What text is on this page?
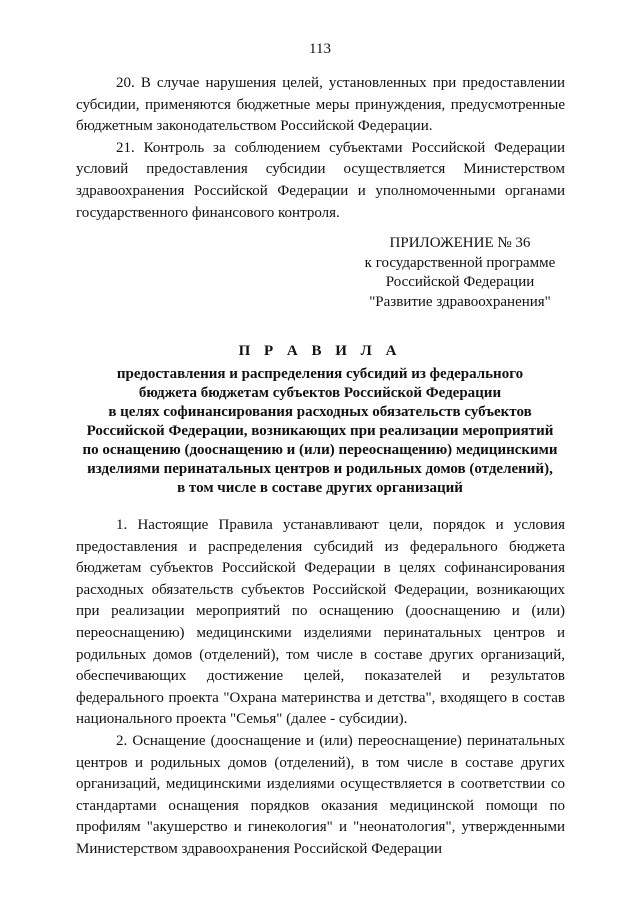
113

20. В случае нарушения целей, установленных при предоставлении субсидии, применяются бюджетные меры принуждения, предусмотренные бюджетным законодательством Российской Федерации.

21. Контроль за соблюдением субъектами Российской Федерации условий предоставления субсидии осуществляется Министерством здравоохранения Российской Федерации и уполномоченными органами государственного финансового контроля.

ПРИЛОЖЕНИЕ № 36
к государственной программе
Российской Федерации
"Развитие здравоохранения"
П Р А В И Л А
предоставления и распределения субсидий из федерального
бюджета бюджетам субъектов Российской Федерации
в целях софинансирования расходных обязательств субъектов
Российской Федерации, возникающих при реализации мероприятий
по оснащению (дооснащению и (или) переоснащению) медицинскими
изделиями перинатальных центров и родильных домов (отделений),
в том числе в составе других организаций

1. Настоящие Правила устанавливают цели, порядок и условия предоставления и распределения субсидий из федерального бюджета бюджетам субъектов Российской Федерации в целях софинансирования расходных обязательств субъектов Российской Федерации, возникающих при реализации мероприятий по оснащению (дооснащению и (или) переоснащению) медицинскими изделиями перинатальных центров и родильных домов (отделений), том числе в составе других организаций, обеспечивающих достижение целей, показателей и результатов федерального проекта "Охрана материнства и детства", входящего в состав национального проекта "Семья" (далее - субсидии).

2. Оснащение (дооснащение и (или) переоснащение) перинатальных центров и родильных домов (отделений), в том числе в составе других организаций, медицинскими изделиями осуществляется в соответствии со стандартами оснащения порядков оказания медицинской помощи по профилям "акушерство и гинекология" и "неонатология", утвержденными Министерством здравоохранения Российской Федерации
